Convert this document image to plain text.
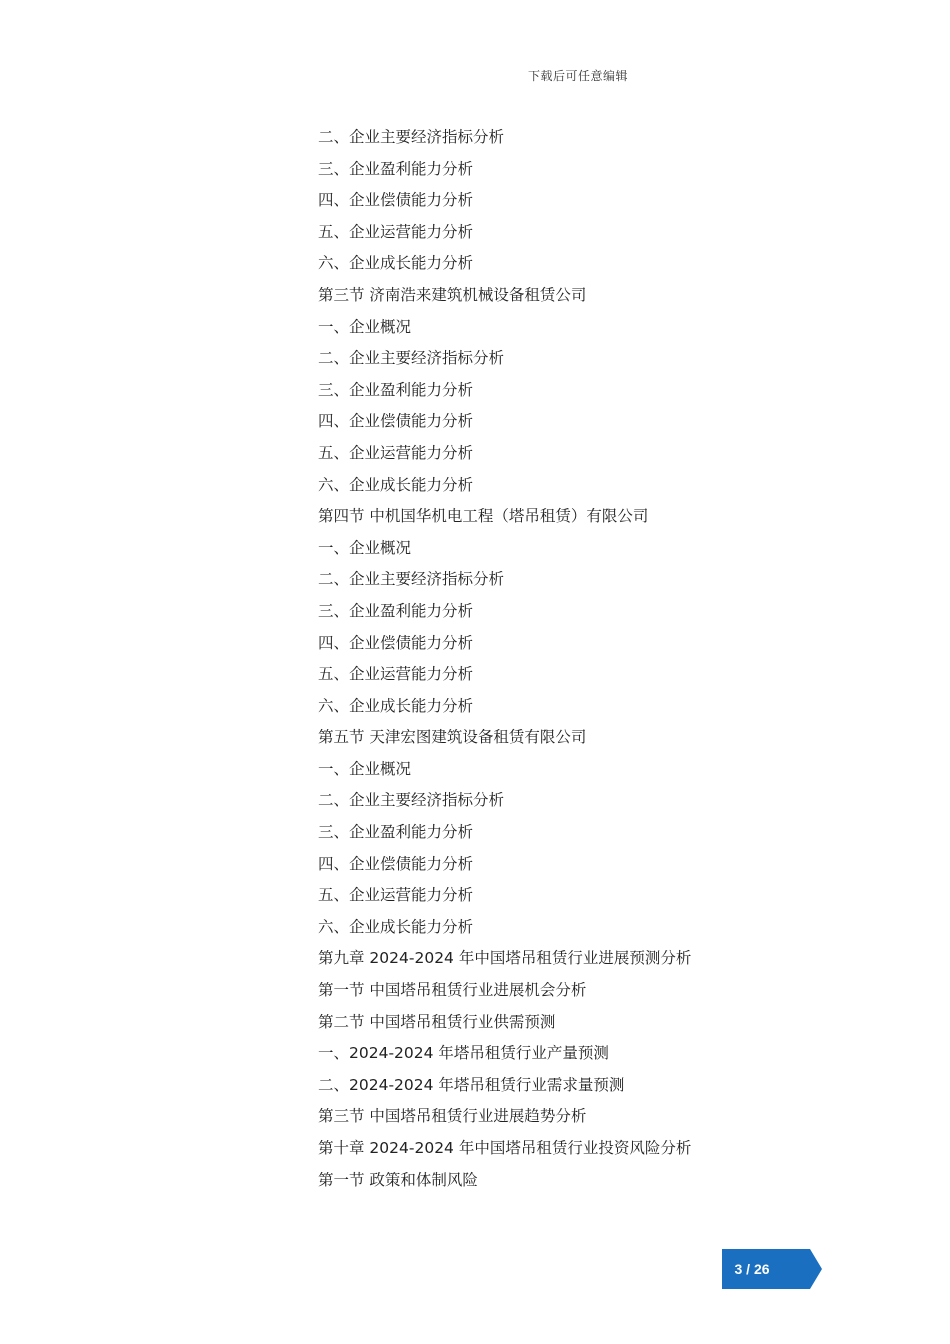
下载后可任意编辑
二、企业主要经济指标分析
三、企业盈利能力分析
四、企业偿债能力分析
五、企业运营能力分析
六、企业成长能力分析
第三节 济南浩来建筑机械设备租赁公司
一、企业概况
二、企业主要经济指标分析
三、企业盈利能力分析
四、企业偿债能力分析
五、企业运营能力分析
六、企业成长能力分析
第四节 中机国华机电工程（塔吊租赁）有限公司
一、企业概况
二、企业主要经济指标分析
三、企业盈利能力分析
四、企业偿债能力分析
五、企业运营能力分析
六、企业成长能力分析
第五节 天津宏图建筑设备租赁有限公司
一、企业概况
二、企业主要经济指标分析
三、企业盈利能力分析
四、企业偿债能力分析
五、企业运营能力分析
六、企业成长能力分析
第九章 2024-2024 年中国塔吊租赁行业进展预测分析
第一节 中国塔吊租赁行业进展机会分析
第二节 中国塔吊租赁行业供需预测
一、2024-2024 年塔吊租赁行业产量预测
二、2024-2024 年塔吊租赁行业需求量预测
第三节 中国塔吊租赁行业进展趋势分析
第十章 2024-2024 年中国塔吊租赁行业投资风险分析
第一节 政策和体制风险
3 / 26
